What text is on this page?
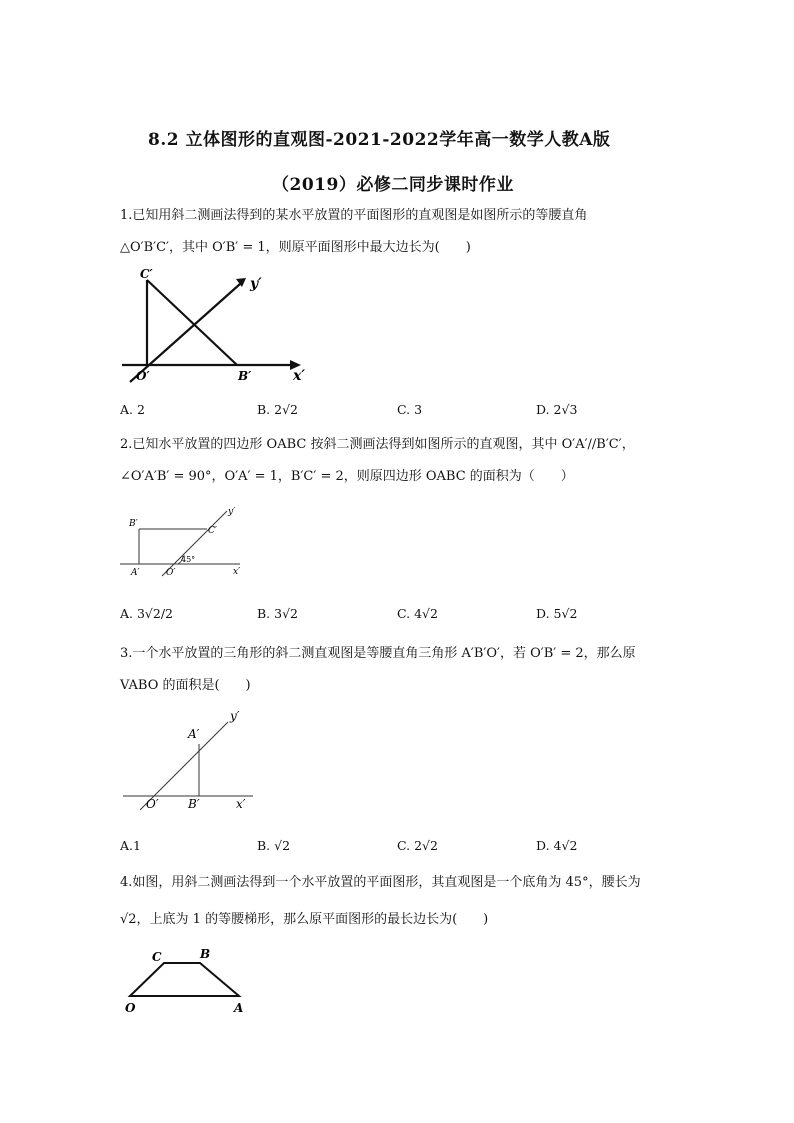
8.2 立体图形的直观图-2021-2022学年高一数学人教A版
（2019）必修二同步课时作业
1.已知用斜二测画法得到的某水平放置的平面图形的直观图是如图所示的等腰直角
△O′B′C′，其中 O′B′ = 1，则原平面图形中最大边长为(　　)
C′
y′
O′	B′	x′
A. 2	B. 2√2	C. 3	D. 2√3
2.已知水平放置的四边形 OABC 按斜二测画法得到如图所示的直观图，其中 O′A′//B′C′，
∠O′A′B′ = 90°，O′A′ = 1，B′C′ = 2，则原四边形 OABC 的面积为（　　）
B′
C′
y′
45°
A′	O′	x′
A. 3√2/2	B. 3√2	C. 4√2	D. 5√2
3.一个水平放置的三角形的斜二测直观图是等腰直角三角形 A′B′O′，若 O′B′ = 2，那么原
VABO 的面积是(　　)
y′
A′
O′ B′	x′
A.1	B. √2	C. 2√2	D. 4√2
4.如图，用斜二测画法得到一个水平放置的平面图形，其直观图是一个底角为 45°，腰长为
√2，上底为 1 的等腰梯形，那么原平面图形的最长边长为(　　)
C	B
O	A
